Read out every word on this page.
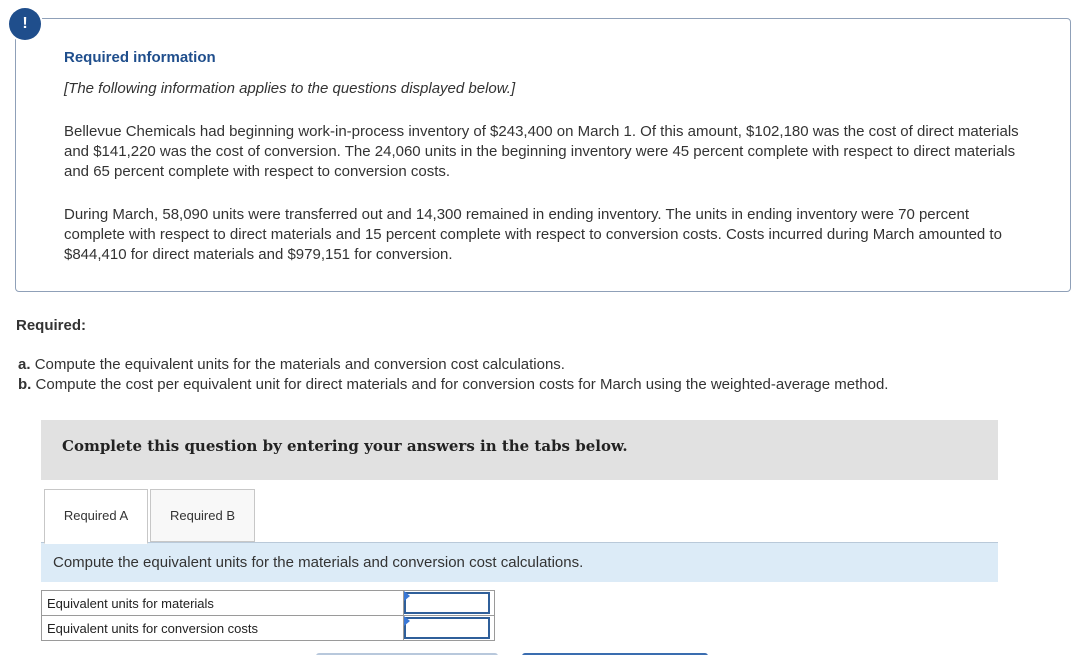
Required information
[The following information applies to the questions displayed below.]
Bellevue Chemicals had beginning work-in-process inventory of $243,400 on March 1. Of this amount, $102,180 was the cost of direct materials and $141,220 was the cost of conversion. The 24,060 units in the beginning inventory were 45 percent complete with respect to direct materials and 65 percent complete with respect to conversion costs.
During March, 58,090 units were transferred out and 14,300 remained in ending inventory. The units in ending inventory were 70 percent complete with respect to direct materials and 15 percent complete with respect to conversion costs. Costs incurred during March amounted to $844,410 for direct materials and $979,151 for conversion.
!
Required:
a. Compute the equivalent units for the materials and conversion cost calculations.
b. Compute the cost per equivalent unit for direct materials and for conversion costs for March using the weighted-average method.
Complete this question by entering your answers in the tabs below.
Required A	Required B
Compute the equivalent units for the materials and conversion cost calculations.
Equivalent units for materials	

Equivalent units for conversion costs	
